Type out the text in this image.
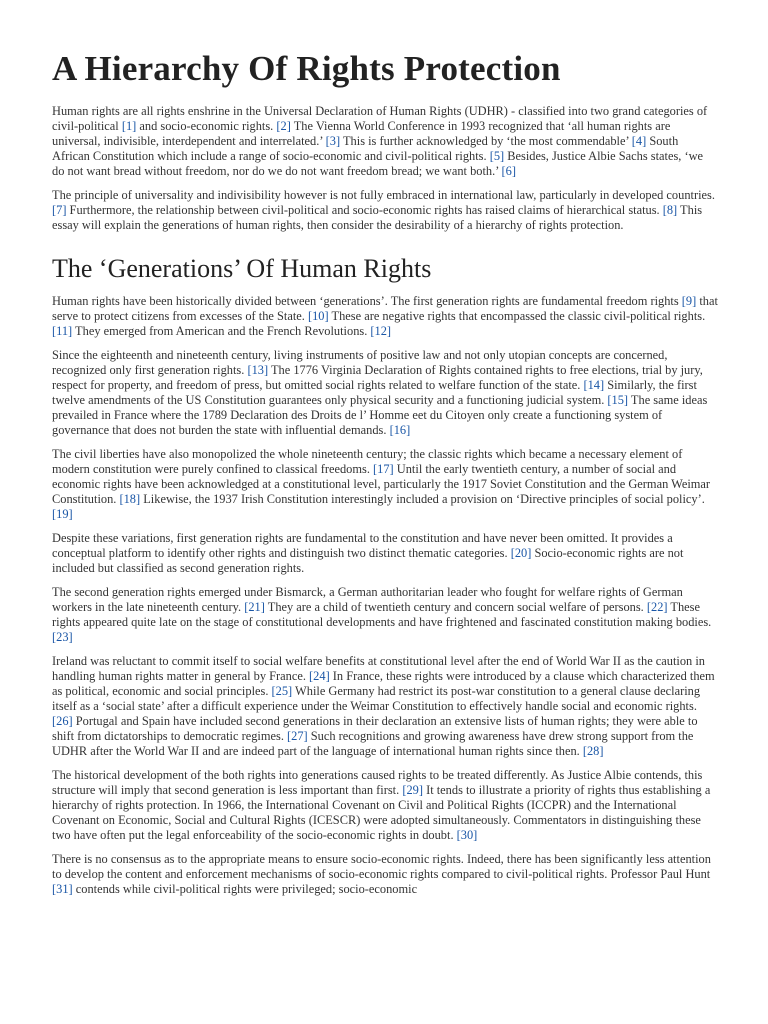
A Hierarchy Of Rights Protection

Human rights are all rights enshrine in the Universal Declaration of Human Rights (UDHR) - classified into two grand categories of civil-political [1] and socio-economic rights. [2] The Vienna World Conference in 1993 recognized that ‘all human rights are universal, indivisible, interdependent and interrelated.’ [3] This is further acknowledged by ‘the most commendable’ [4] South African Constitution which include a range of socio-economic and civil-political rights. [5] Besides, Justice Albie Sachs states, ‘we do not want bread without freedom, nor do we do not want freedom bread; we want both.’ [6]

The principle of universality and indivisibility however is not fully embraced in international law, particularly in developed countries. [7] Furthermore, the relationship between civil-political and socio-economic rights has raised claims of hierarchical status. [8] This essay will explain the generations of human rights, then consider the desirability of a hierarchy of rights protection.

The ‘Generations’ Of Human Rights

Human rights have been historically divided between ‘generations’. The first generation rights are fundamental freedom rights [9] that serve to protect citizens from excesses of the State. [10] These are negative rights that encompassed the classic civil-political rights. [11] They emerged from American and the French Revolutions. [12]

Since the eighteenth and nineteenth century, living instruments of positive law and not only utopian concepts are concerned, recognized only first generation rights. [13] The 1776 Virginia Declaration of Rights contained rights to free elections, trial by jury, respect for property, and freedom of press, but omitted social rights related to welfare function of the state. [14] Similarly, the first twelve amendments of the US Constitution guarantees only physical security and a functioning judicial system. [15] The same ideas prevailed in France where the 1789 Declaration des Droits de l’ Homme eet du Citoyen only create a functioning system of governance that does not burden the state with influential demands. [16]

The civil liberties have also monopolized the whole nineteenth century; the classic rights which became a necessary element of modern constitution were purely confined to classical freedoms. [17] Until the early twentieth century, a number of social and economic rights have been acknowledged at a constitutional level, particularly the 1917 Soviet Constitution and the German Weimar Constitution. [18] Likewise, the 1937 Irish Constitution interestingly included a provision on ‘Directive principles of social policy’. [19]

Despite these variations, first generation rights are fundamental to the constitution and have never been omitted. It provides a conceptual platform to identify other rights and distinguish two distinct thematic categories. [20] Socio-economic rights are not included but classified as second generation rights.

The second generation rights emerged under Bismarck, a German authoritarian leader who fought for welfare rights of German workers in the late nineteenth century. [21] They are a child of twentieth century and concern social welfare of persons. [22] These rights appeared quite late on the stage of constitutional developments and have frightened and fascinated constitution making bodies. [23]

Ireland was reluctant to commit itself to social welfare benefits at constitutional level after the end of World War II as the caution in handling human rights matter in general by France. [24] In France, these rights were introduced by a clause which characterized them as political, economic and social principles. [25] While Germany had restrict its post-war constitution to a general clause declaring itself as a ‘social state’ after a difficult experience under the Weimar Constitution to effectively handle social and economic rights. [26] Portugal and Spain have included second generations in their declaration an extensive lists of human rights; they were able to shift from dictatorships to democratic regimes. [27] Such recognitions and growing awareness have drew strong support from the UDHR after the World War II and are indeed part of the language of international human rights since then. [28]

The historical development of the both rights into generations caused rights to be treated differently. As Justice Albie contends, this structure will imply that second generation is less important than first. [29] It tends to illustrate a priority of rights thus establishing a hierarchy of rights protection. In 1966, the International Covenant on Civil and Political Rights (ICCPR) and the International Covenant on Economic, Social and Cultural Rights (ICESCR) were adopted simultaneously. Commentators in distinguishing these two have often put the legal enforceability of the socio-economic rights in doubt. [30]

There is no consensus as to the appropriate means to ensure socio-economic rights. Indeed, there has been significantly less attention to develop the content and enforcement mechanisms of socio-economic rights compared to civil-political rights. Professor Paul Hunt [31] contends while civil-political rights were privileged; socio-economic
